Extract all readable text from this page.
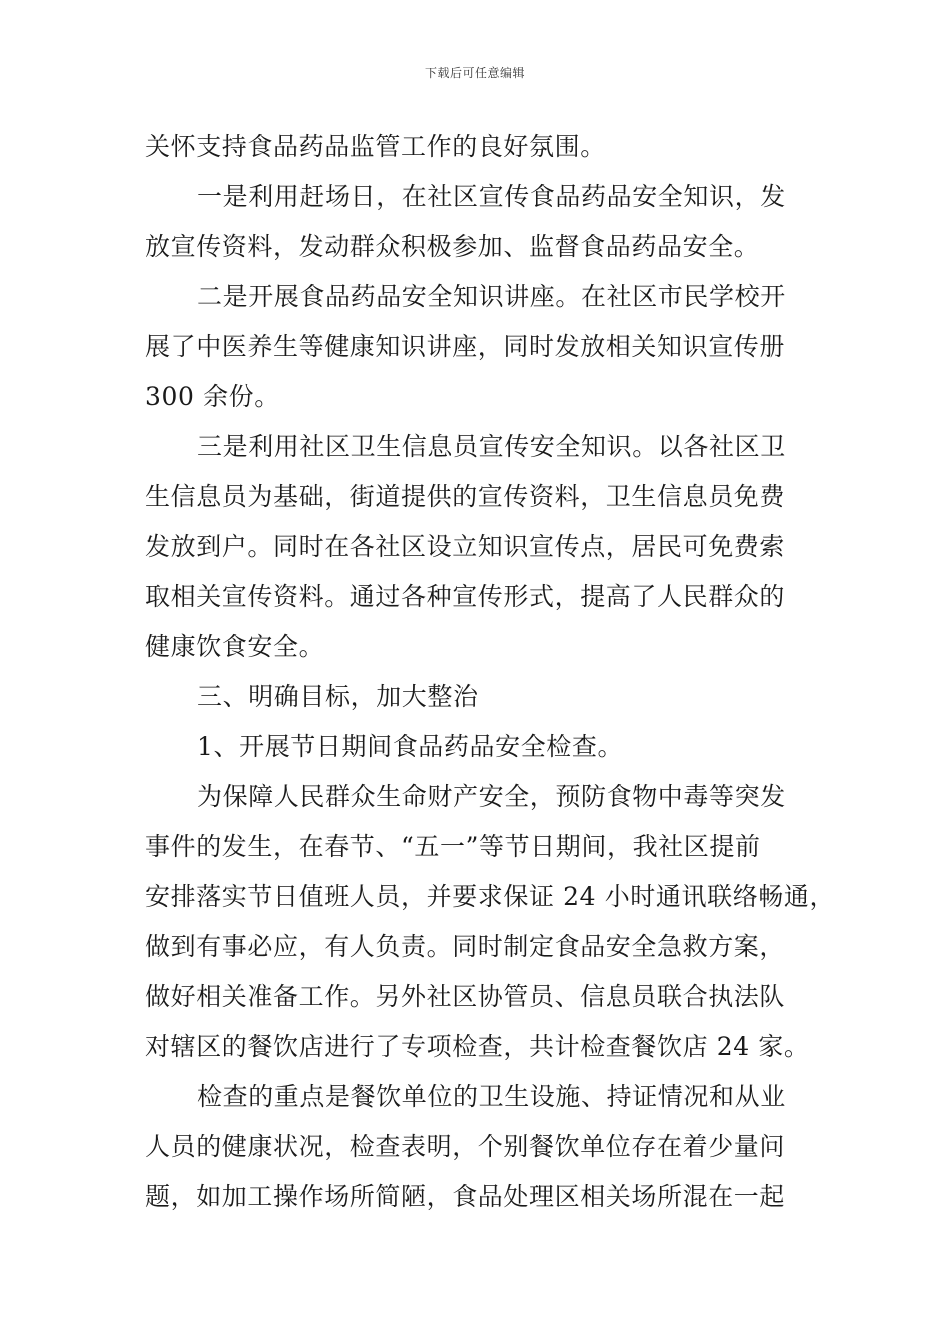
下载后可任意编辑
关怀支持食品药品监管工作的良好氛围。
一是利用赶场日，在社区宣传食品药品安全知识，发
放宣传资料，发动群众积极参加、监督食品药品安全。
二是开展食品药品安全知识讲座。在社区市民学校开
展了中医养生等健康知识讲座，同时发放相关知识宣传册
300 余份。
三是利用社区卫生信息员宣传安全知识。以各社区卫
生信息员为基础，街道提供的宣传资料，卫生信息员免费
发放到户。同时在各社区设立知识宣传点，居民可免费索
取相关宣传资料。通过各种宣传形式，提高了人民群众的
健康饮食安全。
三、明确目标，加大整治
1、开展节日期间食品药品安全检查。
为保障人民群众生命财产安全，预防食物中毒等突发
事件的发生，在春节、“五一”等节日期间，我社区提前
安排落实节日值班人员，并要求保证 24 小时通讯联络畅通，
做到有事必应，有人负责。同时制定食品安全急救方案，
做好相关准备工作。另外社区协管员、信息员联合执法队
对辖区的餐饮店进行了专项检查，共计检查餐饮店 24 家。
检查的重点是餐饮单位的卫生设施、持证情况和从业
人员的健康状况，检查表明，个别餐饮单位存在着少量问
题，如加工操作场所简陋，食品处理区相关场所混在一起
